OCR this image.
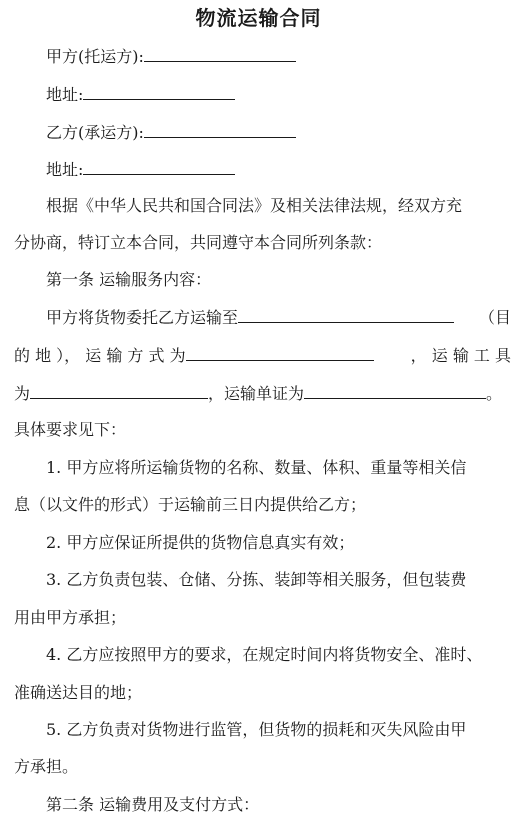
物流运输合同
甲方(托运方):
地址:
乙方(承运方):
地址:
根据《中华人民共和国合同法》及相关法律法规，经双方充
分协商，特订立本合同，共同遵守本合同所列条款：
第一条 运输服务内容：
甲方将货物委托乙方运输至	（目
的 地 ）， 运 输 方 式 为	， 运 输 工 具
为	，运输单证为	。
具体要求见下：
1. 甲方应将所运输货物的名称、数量、体积、重量等相关信
息（以文件的形式）于运输前三日内提供给乙方；
2. 甲方应保证所提供的货物信息真实有效；
3. 乙方负责包装、仓储、分拣、装卸等相关服务，但包装费
用由甲方承担；
4. 乙方应按照甲方的要求，在规定时间内将货物安全、准时、
准确送达目的地；
5. 乙方负责对货物进行监管，但货物的损耗和灭失风险由甲
方承担。
第二条 运输费用及支付方式：
